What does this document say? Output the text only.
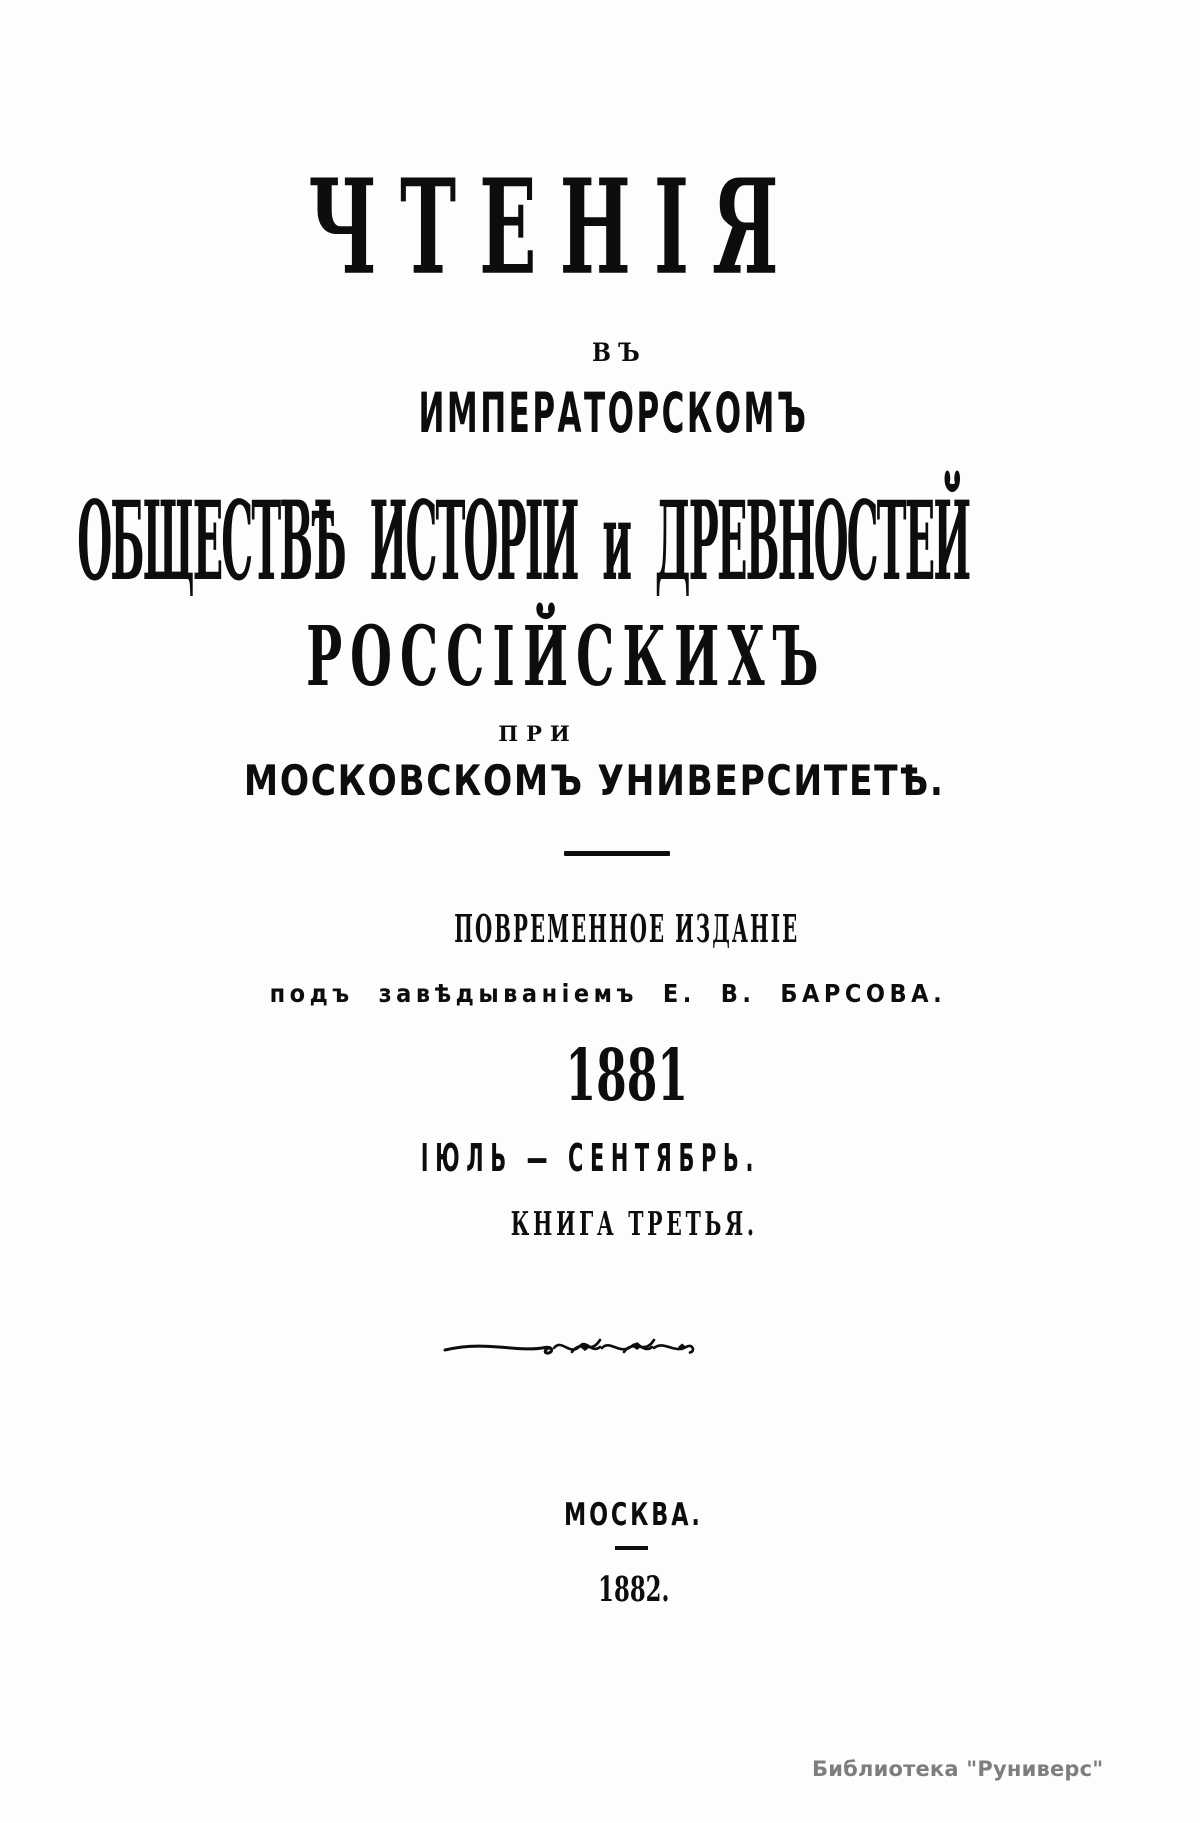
ЧТЕНІЯ
ВЪ
ИМПЕРАТОРСКОМЪ
ОБЩЕСТВѢ ИСТОРІИ и ДРЕВНОСТЕЙ
РОССІЙСКИХЪ
ПРИ
МОСКОВСКОМЪ УНИВЕРСИТЕТѢ.
ПОВРЕМЕННОЕ ИЗДАНІЕ
подъ завѣдываніемъ Е. В. БАРСОВА.
1881
ІЮЛЬ — СЕНТЯБРЬ.
КНИГА ТРЕТЬЯ.
МОСКВА.
1882.
Библиотека "Руниверс"
